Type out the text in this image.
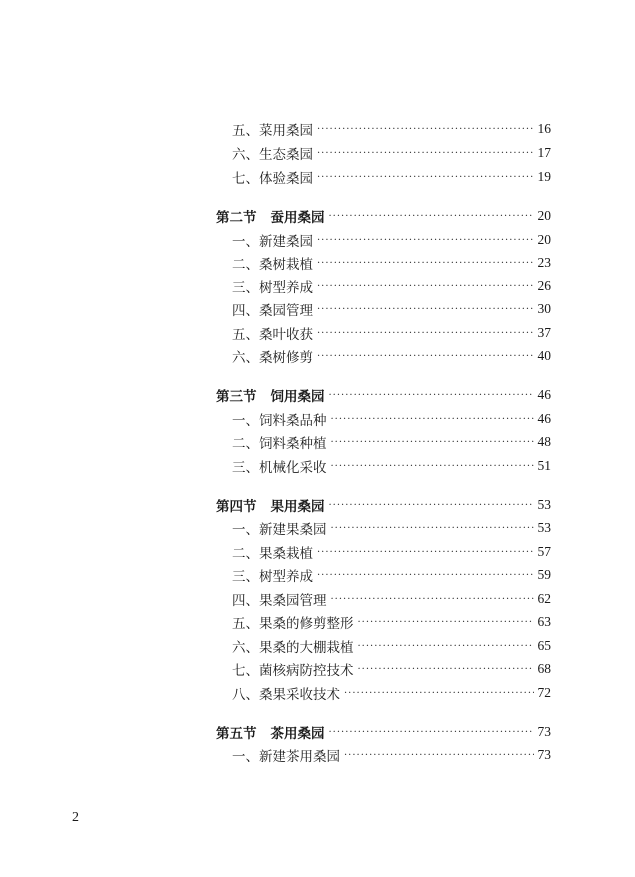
五、菜用桑园 ·····	16
六、生态桑园 ·····	17
七、体验桑园 ·····	19
第二节 蚕用桑园 ·····	20
一、新建桑园 ·····	20
二、桑树栽植 ·····	23
三、树型养成 ·····	26
四、桑园管理 ·····	30
五、桑叶收获 ·····	37
六、桑树修剪 ·····	40
第三节 饲用桑园 ·····	46
一、饲料桑品种 ·····	46
二、饲料桑种植 ·····	48
三、机械化采收 ·····	51
第四节 果用桑园 ·····	53
一、新建果桑园 ·····	53
二、果桑栽植 ·····	57
三、树型养成 ·····	59
四、果桑园管理 ·····	62
五、果桑的修剪整形 ·····	63
六、果桑的大棚栽植 ·····	65
七、菌核病防控技术 ·····	68
八、桑果采收技术 ·····	72
第五节 茶用桑园 ·····	73
一、新建茶用桑园 ·····	73
2
